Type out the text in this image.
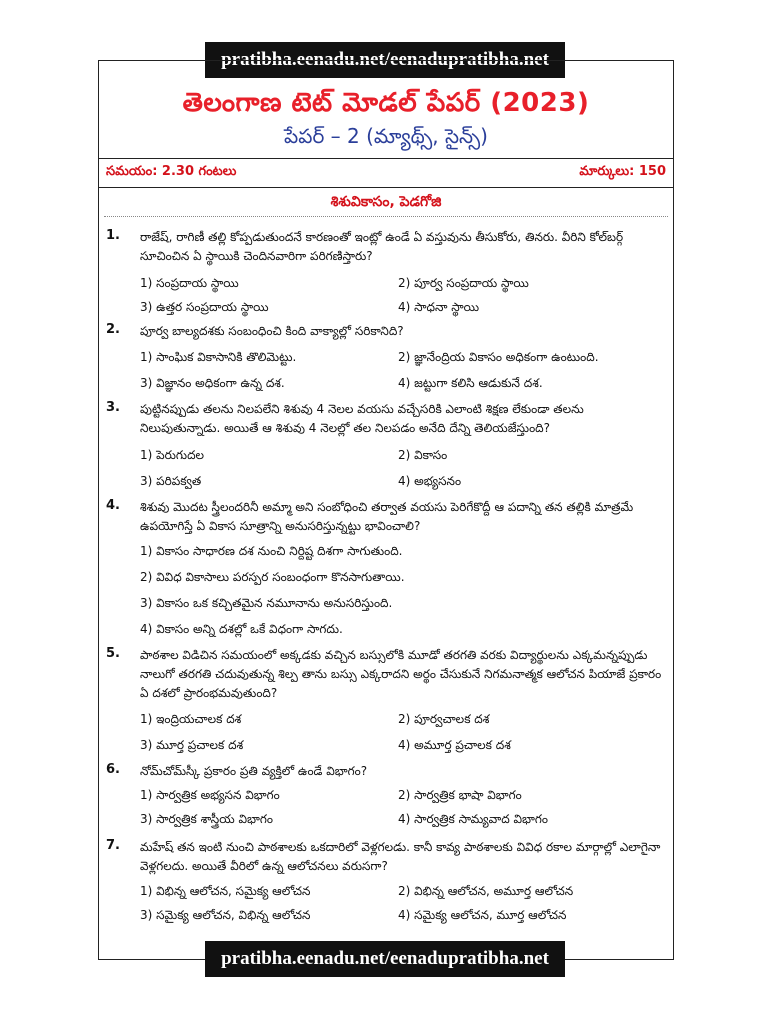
pratibha.eenadu.net/eenadupratibha.net
తెలంగాణ టెట్ మోడల్ పేపర్ (2023)
పేపర్ – 2 (మ్యాథ్స్, సైన్స్)
సమయం: 2.30 గంటలు	మార్కులు: 150
శిశువికాసం, పెడగోజి
1. రాజేష్, రాగిణీ తల్లి కోప్పడుతుందనే కారణంతో ఇంట్లో ఉండే ఏ వస్తువును తీసుకోరు, తినరు. వీరిని కోల్‌బర్గ్ సూచించిన ఏ స్థాయికి చెందినవారిగా పరిగణిస్తారు?
1) సంప్రదాయ స్థాయి	2) పూర్వ సంప్రదాయ స్థాయి
3) ఉత్తర సంప్రదాయ స్థాయి	4) సాధనా స్థాయి
2. పూర్వ బాల్యదశకు సంబంధించి కింది వాక్యాల్లో సరికానిది?
1) సాంఘిక వికాసానికి తొలిమెట్టు.	2) జ్ఞానేంద్రియ వికాసం అధికంగా ఉంటుంది.
3) విజ్ఞానం అధికంగా ఉన్న దశ.	4) జట్టుగా కలిసి ఆడుకునే దశ.
3. పుట్టినప్పుడు తలను నిలపలేని శిశువు 4 నెలల వయసు వచ్చేసరికి ఎలాంటి శిక్షణ లేకుండా తలను నిలుపుతున్నాడు. అయితే ఆ శిశువు 4 నెలల్లో తల నిలపడం అనేది దేన్ని తెలియజేస్తుంది?
1) పెరుగుదల	2) వికాసం
3) పరిపక్వత	4) అభ్యసనం
4. శిశువు మొదట స్త్రీలందరినీ అమ్మా అని సంబోధించి తర్వాత వయసు పెరిగేకొద్దీ ఆ పదాన్ని తన తల్లికి మాత్రమే ఉపయోగిస్తే ఏ వికాస సూత్రాన్ని అనుసరిస్తున్నట్టు భావించాలి?
1) వికాసం సాధారణ దశ నుంచి నిర్దిష్ట దిశగా సాగుతుంది.
2) వివిధ వికాసాలు పరస్పర సంబంధంగా కొనసాగుతాయి.
3) వికాసం ఒక కచ్చితమైన నమూనాను అనుసరిస్తుంది.
4) వికాసం అన్ని దశల్లో ఒకే విధంగా సాగదు.
5. పాఠశాల విడిచిన సమయంలో అక్కడకు వచ్చిన బస్సులోకి మూడో తరగతి వరకు విద్యార్థులను ఎక్కమన్నప్పుడు నాలుగో తరగతి చదువుతున్న శిల్ప తాను బస్సు ఎక్కరాదని అర్థం చేసుకునే నిగమనాత్మక ఆలోచన పియాజే ప్రకారం ఏ దశలో ప్రారంభమవుతుంది?
1) ఇంద్రియచాలక దశ	2) పూర్వచాలక దశ
3) మూర్త ప్రచాలక దశ	4) అమూర్త ప్రచాలక దశ
6. నోమ్‌చోమ్‌స్కీ ప్రకారం ప్రతి వ్యక్తిలో ఉండే విభాగం?
1) సార్వత్రిక అభ్యసన విభాగం	2) సార్వత్రిక భాషా విభాగం
3) సార్వత్రిక శాస్త్రీయ విభాగం	4) సార్వత్రిక సామ్యవాద విభాగం
7. మహేష్ తన ఇంటి నుంచి పాఠశాలకు ఒకదారిలో వెళ్లగలడు. కానీ కావ్య పాఠశాలకు వివిధ రకాల మార్గాల్లో ఎలాగైనా వెళ్లగలదు. అయితే వీరిలో ఉన్న ఆలోచనలు వరుసగా?
1) విభిన్న ఆలోచన, సమైక్య ఆలోచన	2) విభిన్న ఆలోచన, అమూర్త ఆలోచన
3) సమైక్య ఆలోచన, విభిన్న ఆలోచన	4) సమైక్య ఆలోచన, మూర్త ఆలోచన
pratibha.eenadu.net/eenadupratibha.net
